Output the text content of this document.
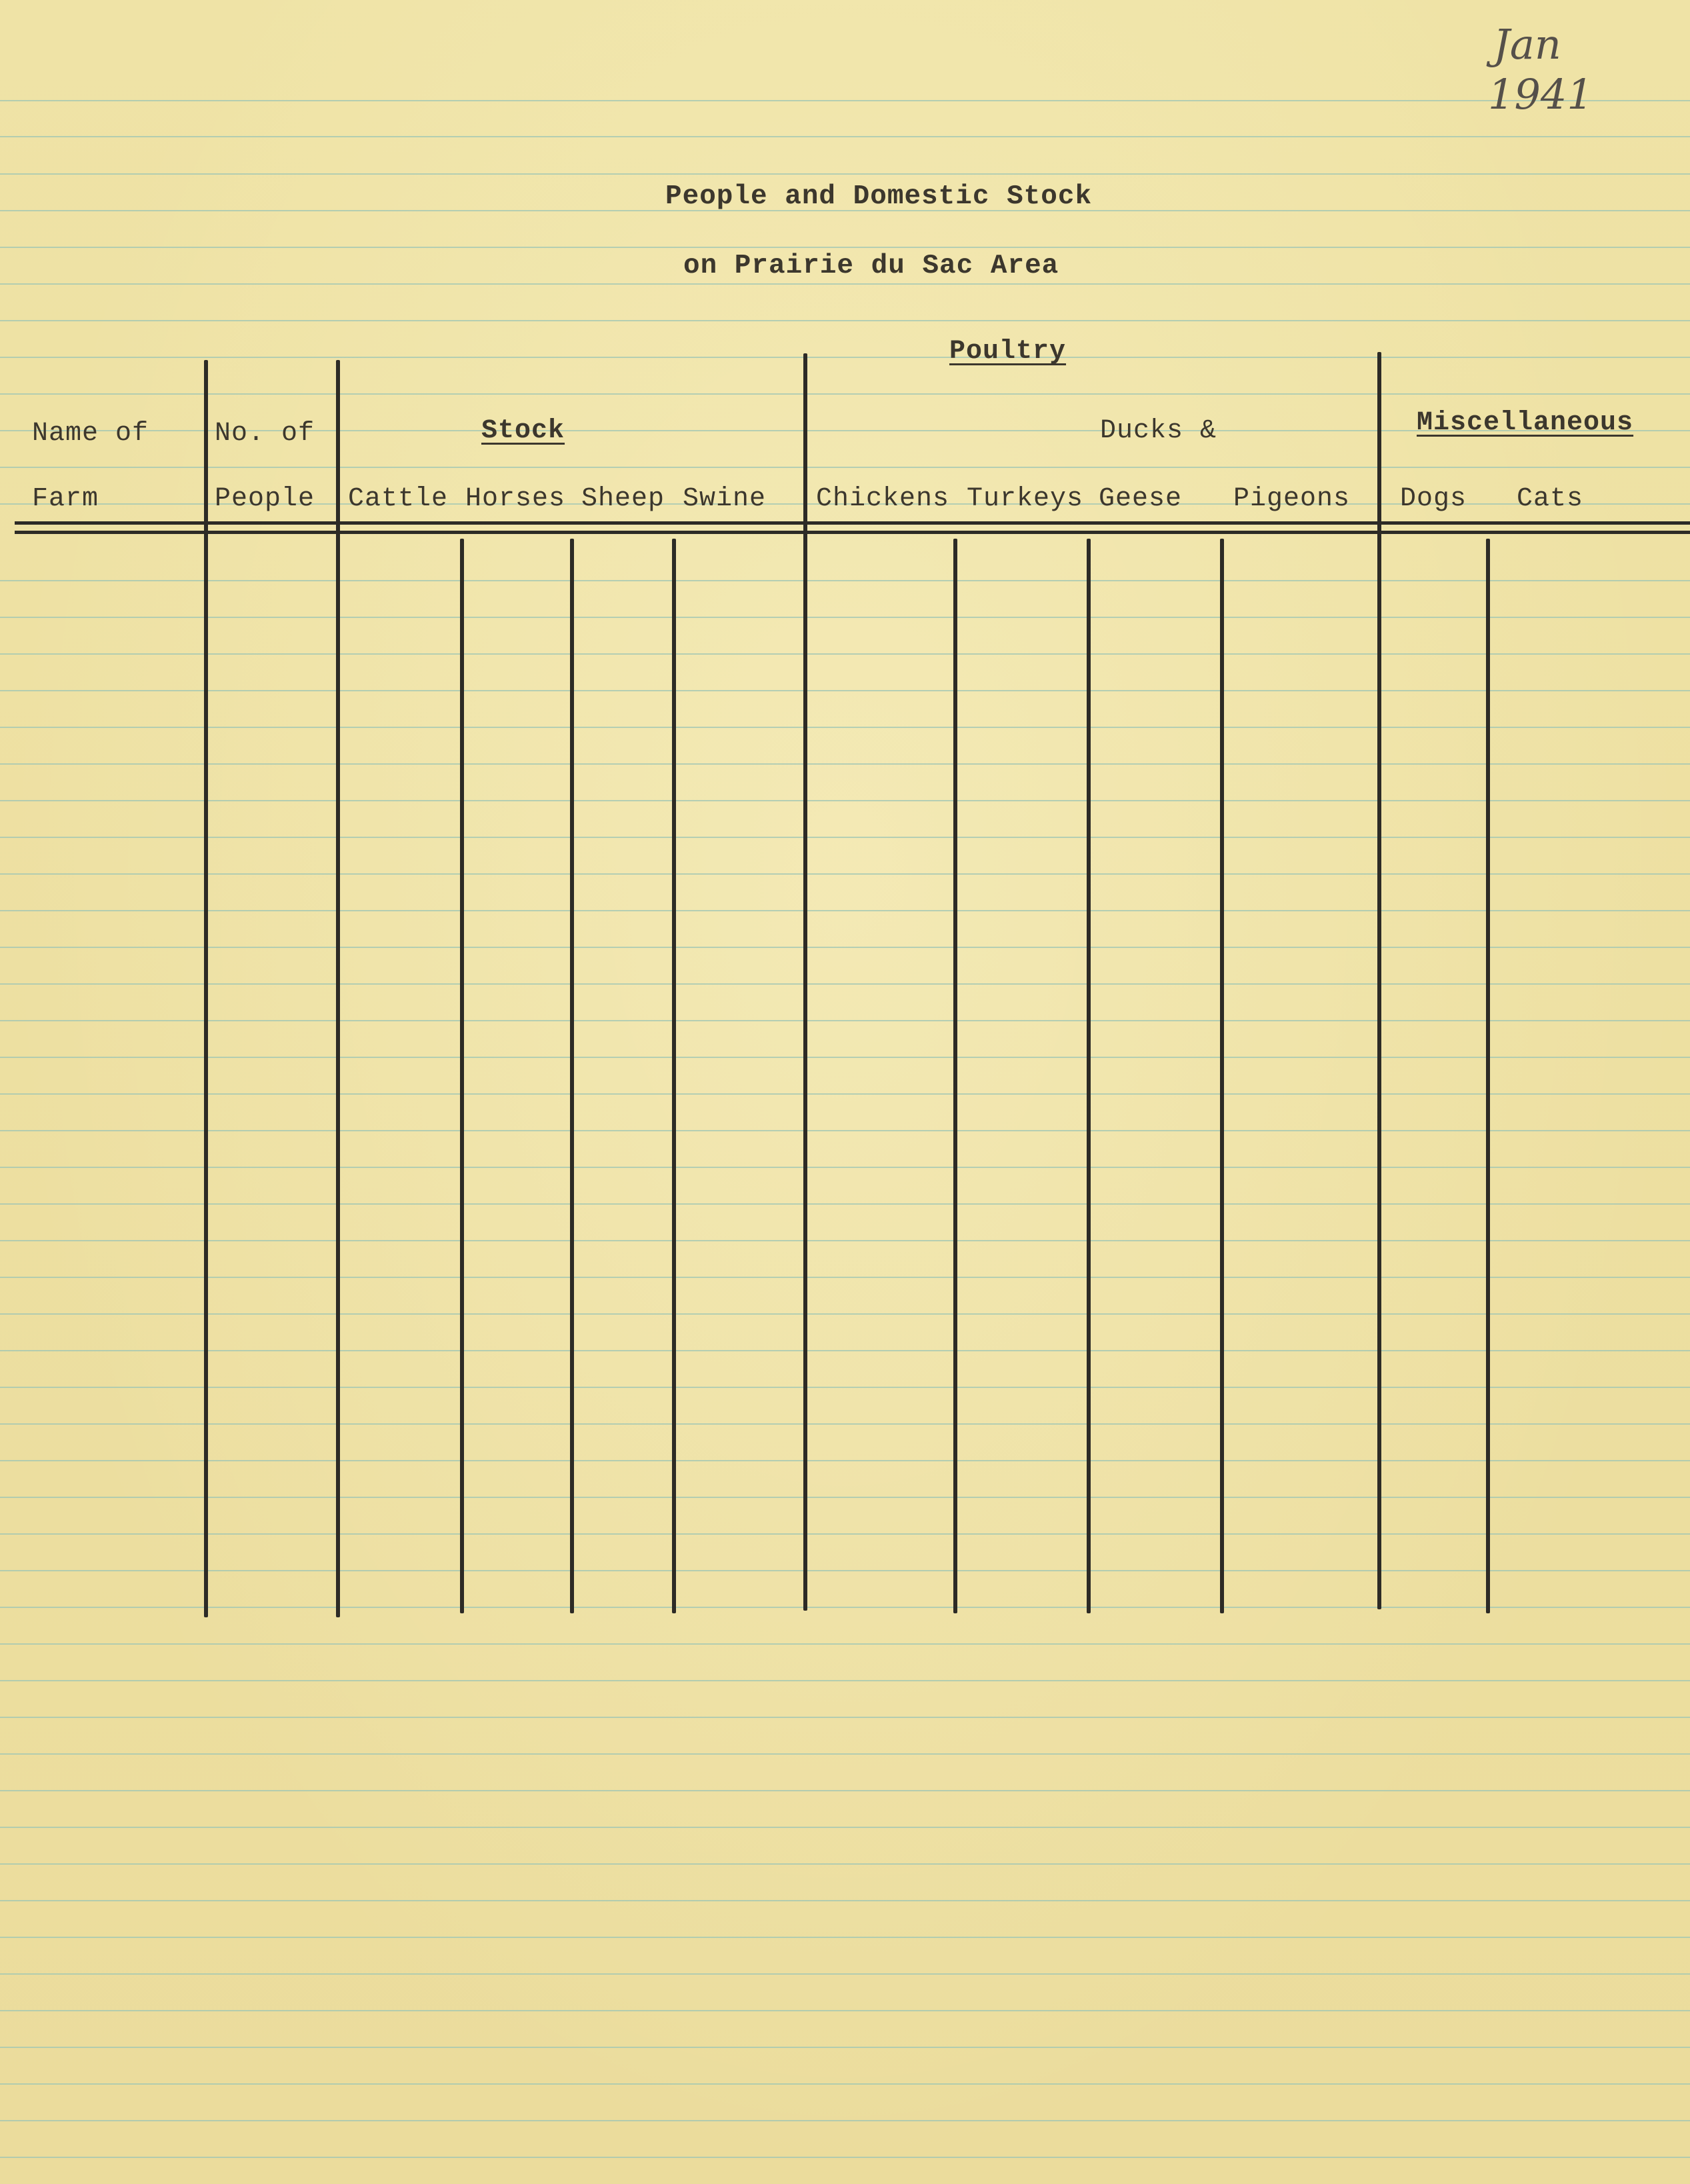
Jan
1941
People and Domestic Stock
on Prairie du Sac Area
Poultry
Stock	Miscellaneous
Ducks &
Name of No. of
Farm	People Cattle Horses Sheep Swine Chickens Turkeys Geese Pigeons Dogs Cats
